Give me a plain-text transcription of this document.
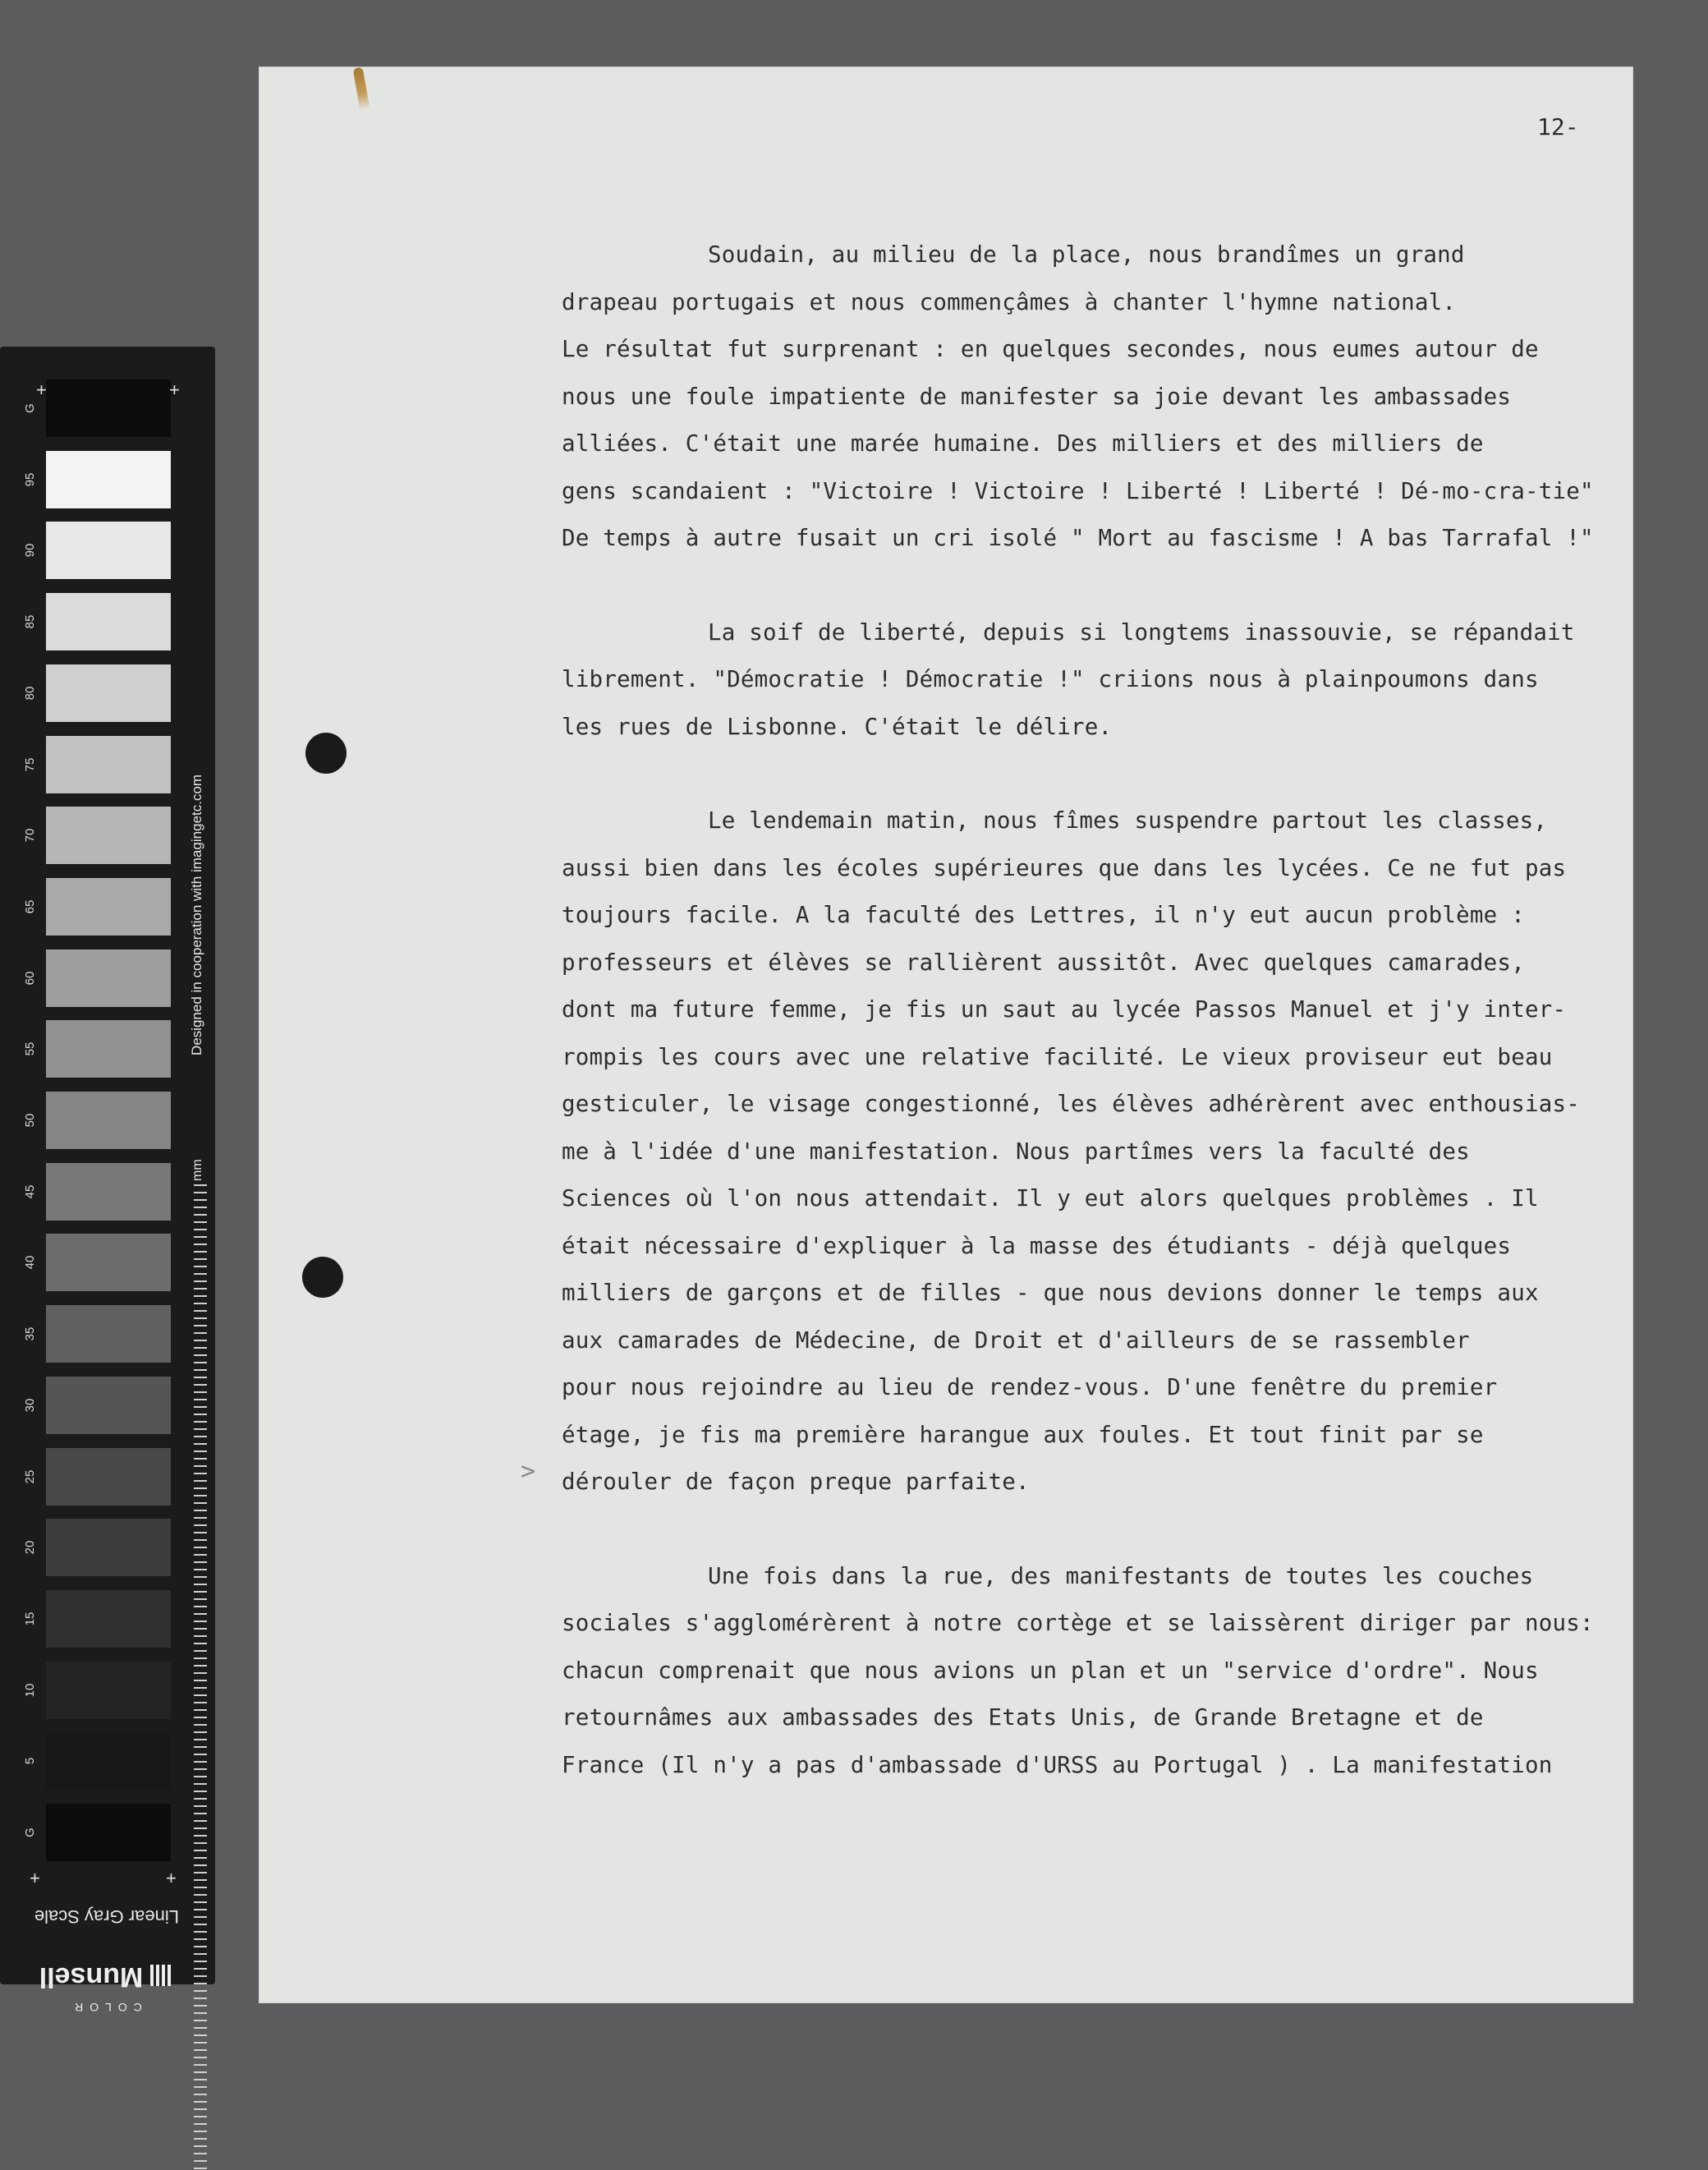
G
95
90
85
80
75
70
65
60
55
50
45
40
35
30
25
20
15
10
5
G
mm
Designed in cooperation with imagingetc.com
+	+
+	+
Linear Gray Scale
COLOR
Munsell
12-
>

Soudain, au milieu de la place, nous brandîmes un grand
drapeau portugais et nous commençâmes à chanter l'hymne national.
Le résultat fut surprenant : en quelques secondes, nous eumes autour de
nous une foule impatiente de manifester sa joie devant les ambassades
alliées. C'était une marée humaine. Des milliers et des milliers de
gens scandaient : "Victoire ! Victoire ! Liberté ! Liberté ! Dé-mo-cra-tie"
De temps à autre fusait un cri isolé " Mort au fascisme ! A bas Tarrafal !"

La soif de liberté, depuis si longtems inassouvie, se répandait
librement. "Démocratie ! Démocratie !" criions nous à plainpoumons dans
les rues de Lisbonne. C'était le délire.

Le lendemain matin, nous fîmes suspendre partout les classes,
aussi bien dans les écoles supérieures que dans les lycées. Ce ne fut pas
toujours facile. A la faculté des Lettres, il n'y eut aucun problème :
professeurs et élèves se rallièrent aussitôt. Avec quelques camarades,
dont ma future femme, je fis un saut au lycée Passos Manuel et j'y inter-
rompis les cours avec une relative facilité. Le vieux proviseur eut beau
gesticuler, le visage congestionné, les élèves adhérèrent avec enthousias-
me à l'idée d'une manifestation. Nous partîmes vers la faculté des
Sciences où l'on nous attendait. Il y eut alors quelques problèmes . Il
était nécessaire d'expliquer à la masse des étudiants - déjà quelques
milliers de garçons et de filles - que nous devions donner le temps aux
aux camarades de Médecine, de Droit et d'ailleurs de se rassembler
pour nous rejoindre au lieu de rendez-vous. D'une fenêtre du premier
étage, je fis ma première harangue aux foules. Et tout finit par se
dérouler de façon preque parfaite.

Une fois dans la rue, des manifestants de toutes les couches
sociales s'agglomérèrent à notre cortège et se laissèrent diriger par nous:
chacun comprenait que nous avions un plan et un "service d'ordre". Nous
retournâmes aux ambassades des Etats Unis, de Grande Bretagne et de
France (Il n'y a pas d'ambassade d'URSS au Portugal ) . La manifestation
